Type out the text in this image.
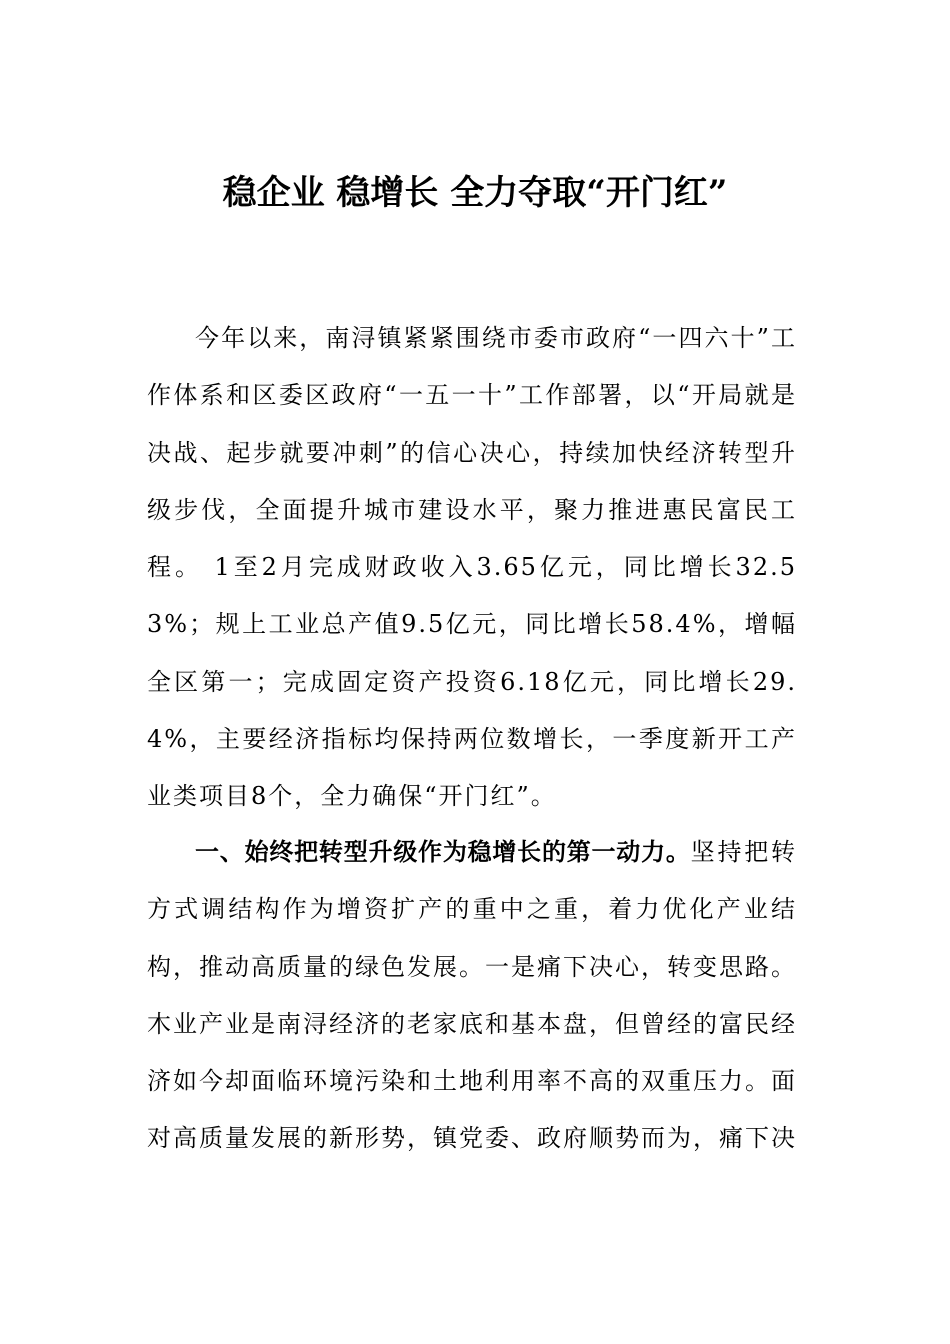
稳企业 稳增长 全力夺取“开门红”

今年以来，南浔镇紧紧围绕市委市政府“一四六十”工作体系和区委区政府“一五一十”工作部署，以“开局就是决战、起步就要冲刺”的信心决心，持续加快经济转型升级步伐，全面提升城市建设水平，聚力推进惠民富民工程。 1至2月完成财政收入3.65亿元，同比增长32.53%；规上工业总产值9.5亿元，同比增长58.4%，增幅全区第一；完成固定资产投资6.18亿元，同比增长29.4%，主要经济指标均保持两位数增长，一季度新开工产业类项目8个，全力确保“开门红”。

一、始终把转型升级作为稳增长的第一动力。坚持把转方式调结构作为增资扩产的重中之重，着力优化产业结构，推动高质量的绿色发展。一是痛下决心，转变思路。木业产业是南浔经济的老家底和基本盘，但曾经的富民经济如今却面临环境污染和土地利用率不高的双重压力。面对高质量发展的新形势，镇党委、政府顺势而为，痛下决
